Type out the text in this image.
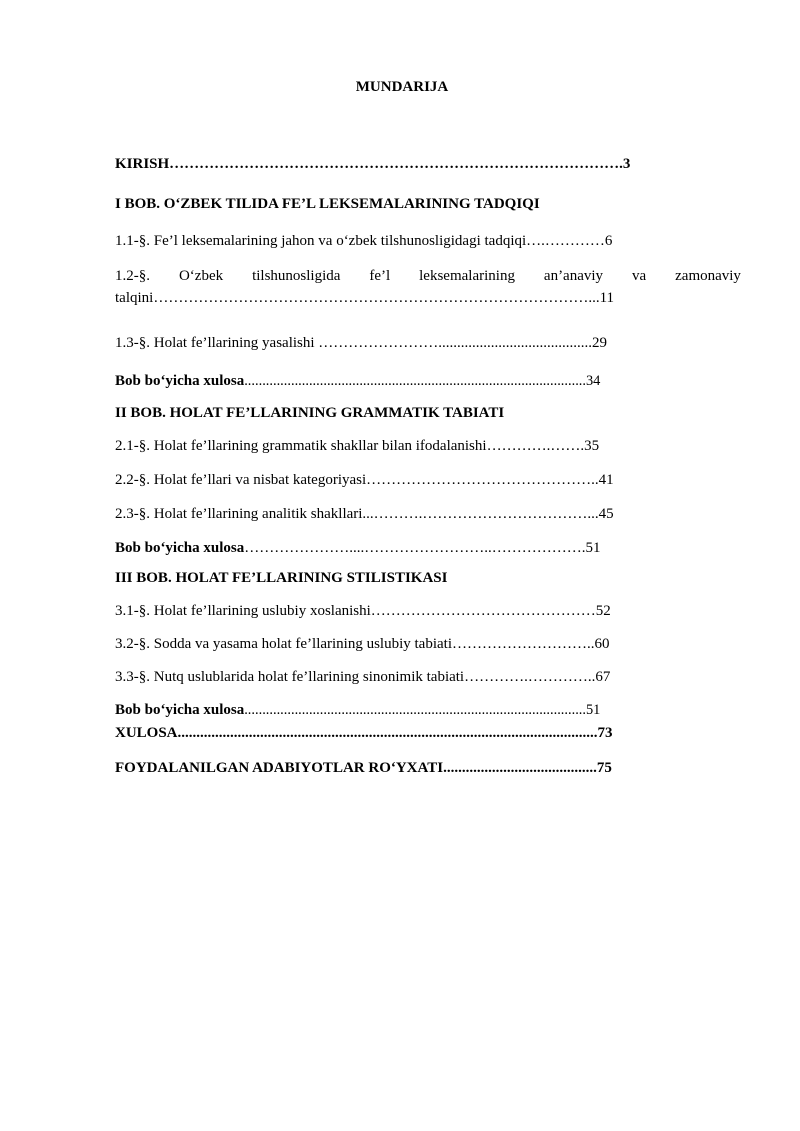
MUNDARIJA
KIRISH……………………………………………………………………………….3
I BOB. O‘ZBEK TILIDA FE’L LEKSEMALARINING TADQIQI
1.1-§. Fe’l leksemalarining jahon va o‘zbek tilshunosligidagi tadqiqi….…………6
1.2-§. O‘zbek tilshunosligida fe’l leksemalarining an’anaviy va zamonaviy
talqini……………………………………………………………………………...11
1.3-§. Holat fe’llarining yasalishi …………………….........................................29
Bob bo‘yicha xulosa...............................................................................................34
II BOB. HOLAT FE’LLARINING GRAMMATIK TABIATI
2.1-§. Holat fe’llarining grammatik shakllar bilan ifodalanishi………….…….35
2.2-§. Holat fe’llari va nisbat kategoriyasi………………………………………..41
2.3-§. Holat fe’llarining analitik shakllari...……….……………………………...45
Bob bo‘yicha xulosa…………………....……………………..……………….51
III BOB. HOLAT FE’LLARINING STILISTIKASI
3.1-§. Holat fe’llarining uslubiy xoslanishi………………………………………52
3.2-§. Sodda va yasama holat fe’llarining uslubiy tabiati………………………..60
3.3-§. Nutq uslublarida holat fe’llarining sinonimik tabiati………….…………..67
Bob bo‘yicha xulosa...............................................................................................51
XULOSA................................................................................................................73
FOYDALANILGAN ADABIYOTLAR RO‘YXATI.........................................75
